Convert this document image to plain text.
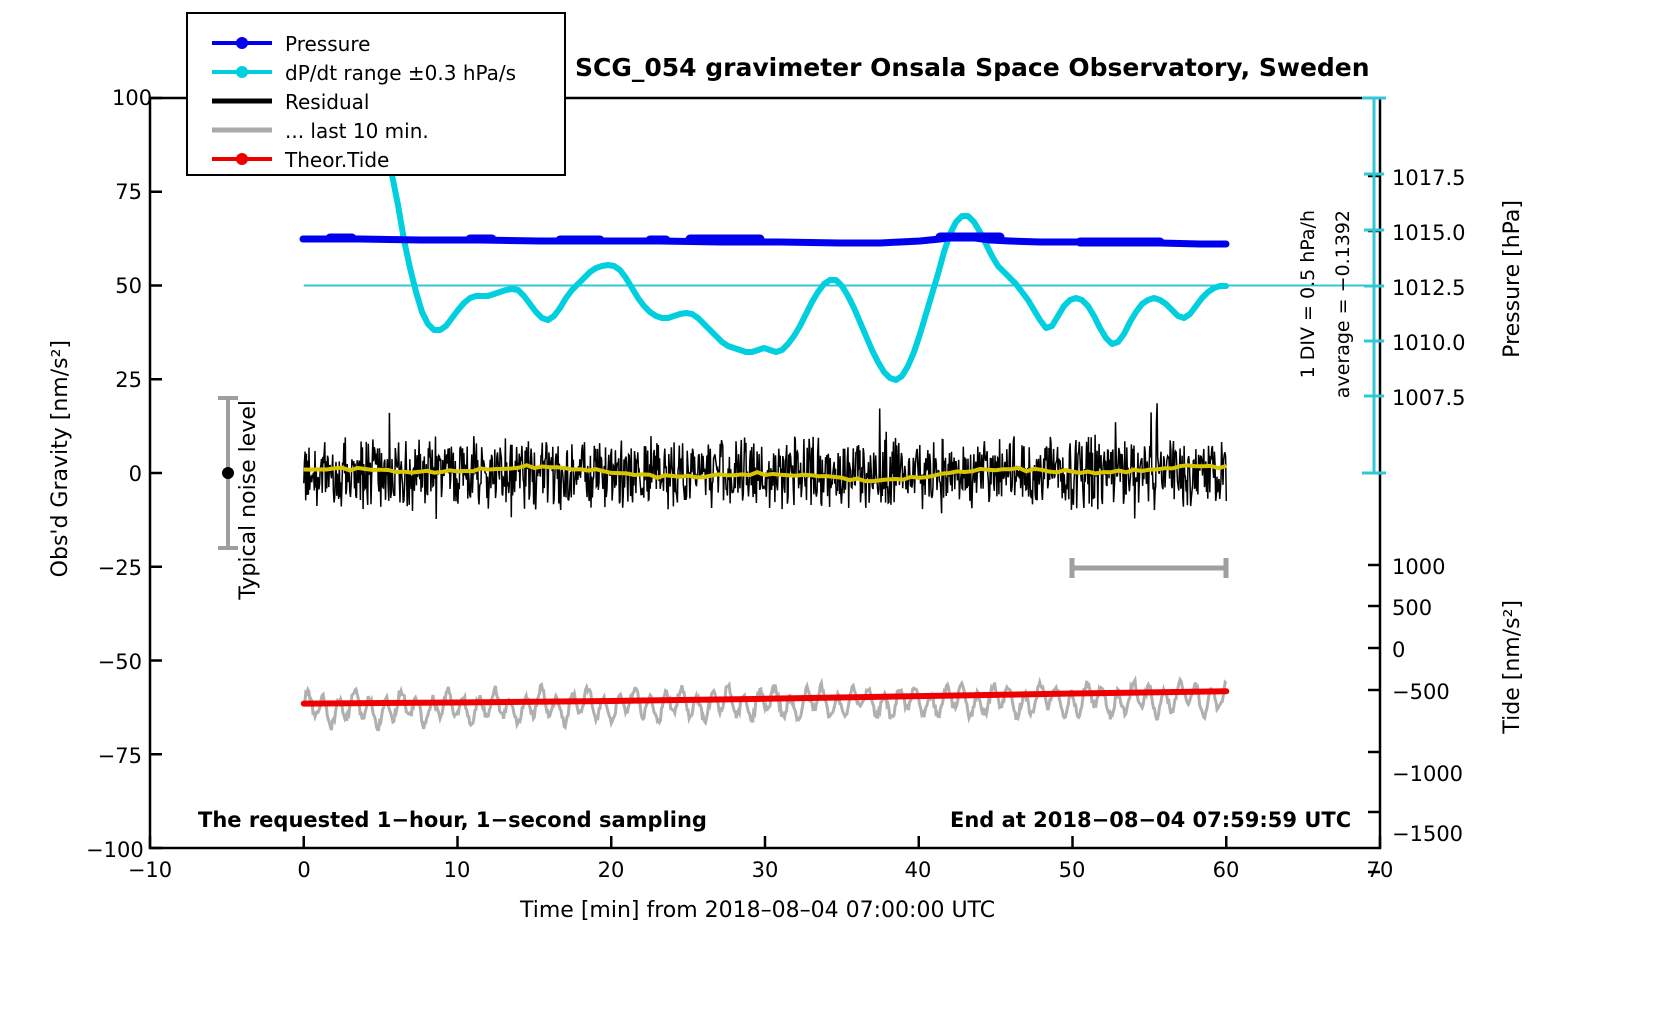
SCG_054 gravimeter Onsala Space Observatory, Sweden
Pressure
dP/dt range ±0.3 hPa/s
Residual
... last 10 min.
Theor.Tide
100
75
50
25
0
−25
−50
−75
−100
−10	0	10	20	30	40	50	60	70
1017.5
1015.0
1012.5
1010.0
1007.5
1000
500
0
−500
−1000
−1500
Obs'd Gravity [nm/s²]
Time [min] from 2018–08–04 07:00:00 UTC
Pressure [hPa]
Tide [nm/s²]
Typical noise level
1 DIV = 0.5 hPa/h average = −0.1392
The requested 1−hour, 1−second sampling	End at 2018−08−04 07:59:59 UTC
